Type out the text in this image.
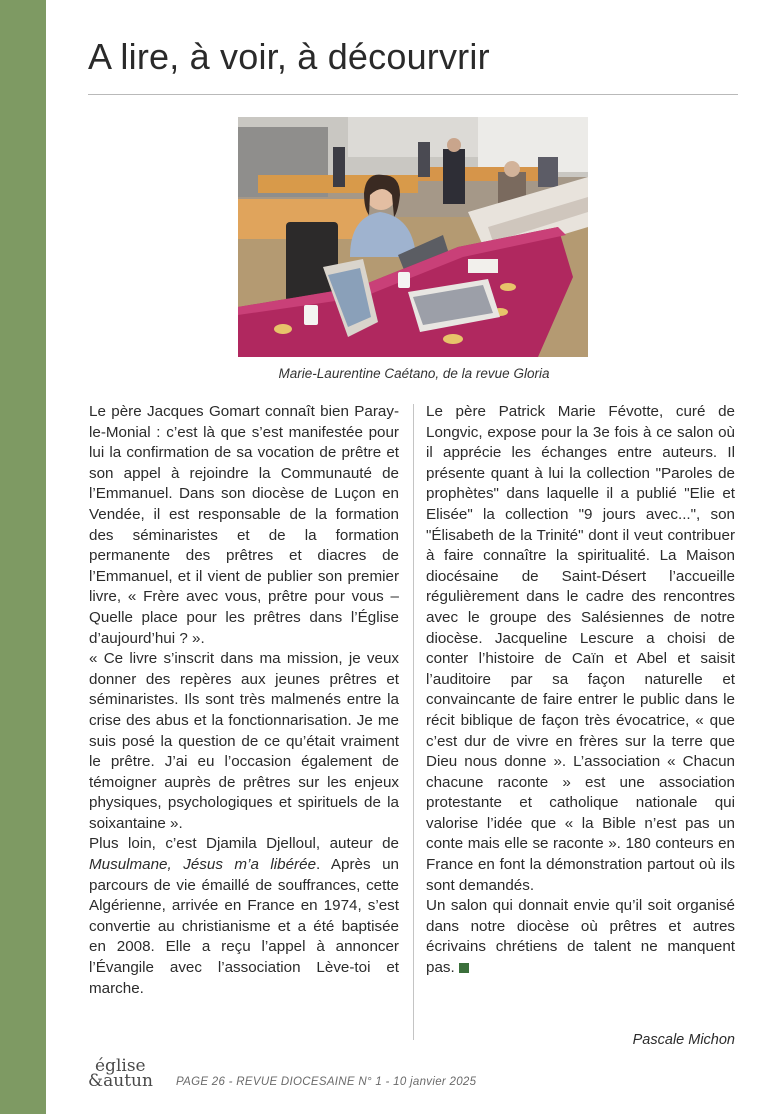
A lire, à voir, à décourvrir
Marie-Laurentine Caétano, de la revue Gloria

Le père Jacques Gomart connaît bien Paray-le-Monial : c’est là que s’est manifestée pour lui la confirmation de sa vocation de prêtre et son appel à rejoindre la Communauté de l’Emmanuel. Dans son diocèse de Luçon en Vendée, il est responsable de la formation des séminaristes et de la formation permanente des prêtres et diacres de l’Emmanuel, et il vient de publier son premier livre, « Frère avec vous, prêtre pour vous – Quelle place pour les prêtres dans l’Église d’aujourd’hui ? ».

« Ce livre s’inscrit dans ma mission, je veux donner des repères aux jeunes prêtres et séminaristes. Ils sont très malmenés entre la crise des abus et la fonctionnarisation. Je me suis posé la question de ce qu’était vraiment le prêtre. J’ai eu l’occasion également de témoigner auprès de prêtres sur les enjeux physiques, psychologiques et spirituels de la soixantaine ».

Plus loin, c’est Djamila Djelloul, auteur de Musulmane, Jésus m’a libérée. Après un parcours de vie émaillé de souffrances, cette Algérienne, arrivée en France en 1974, s’est convertie au christianisme et a été baptisée en 2008. Elle a reçu l’appel à annoncer l’Évangile avec l’association Lève-toi et marche.

Le père Patrick Marie Févotte, curé de Longvic, expose pour la 3e fois à ce salon où il apprécie les échanges entre auteurs. Il présente quant à lui la collection "Paroles de prophètes" dans laquelle il a publié "Elie et Elisée" la collection "9 jours avec...", son "Élisabeth de la Trinité" dont il veut contribuer à faire connaître la spiritualité. La Maison diocésaine de Saint-Désert l’accueille régulièrement dans le cadre des rencontres avec le groupe des Salésiennes de notre diocèse. Jacqueline Lescure a choisi de conter l’histoire de Caïn et Abel et saisit l’auditoire par sa façon naturelle et convaincante de faire entrer le public dans le récit biblique de façon très évocatrice, « que c’est dur de vivre en frères sur la terre que Dieu nous donne ». L’association « Chacun chacune raconte » est une association protestante et catholique nationale qui valorise l’idée que « la Bible n’est pas un conte mais elle se raconte ». 180 conteurs en France en font la démonstration partout où ils sont demandés.

Un salon qui donnait envie qu’il soit organisé dans notre diocèse où prêtres et autres écrivains chrétiens de talent ne manquent pas.

Pascale Michon
église
&autun PAGE 26 - REVUE DIOCESAINE N° 1 - 10 janvier 2025
